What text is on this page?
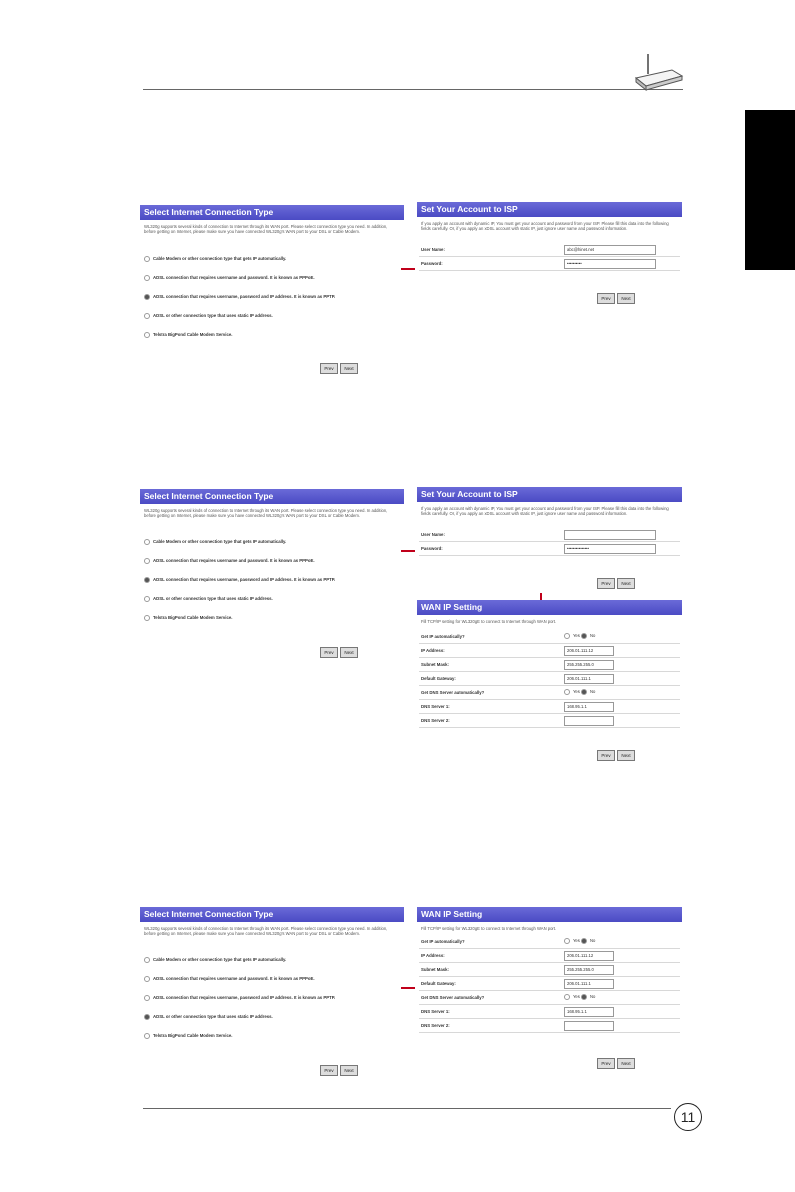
Select Internet Connection Type
WL320g supports several kinds of connection to Internet through its WAN port. Please select connection type you need. In addition, before getting on Internet, please make sure you have connected WL320g's WAN port to your DSL or Cable Modem.
Cable Modem or other connection type that gets IP automatically.
ADSL connection that requires username and password. It is known as PPPoE.
ADSL connection that requires username, password and IP address. It is known as PPTP.
ADSL or other connection type that uses static IP address.
Telstra BigPond Cable Modem Service.
Prev	Next
Set Your Account to ISP
If you apply an account with dynamic IP, You must get your account and password from your ISP. Please fill this data into the following fields carefully. Or, if you apply an xDSL account with static IP, just ignore user name and password information.
User Name:	abc@hinet.net
Password:	••••••••••
Prev	Next
Select Internet Connection Type
WL320g supports several kinds of connection to Internet through its WAN port. Please select connection type you need. In addition, before getting on Internet, please make sure you have connected WL320g's WAN port to your DSL or Cable Modem.
Cable Modem or other connection type that gets IP automatically.
ADSL connection that requires username and password. It is known as PPPoE.
ADSL connection that requires username, password and IP address. It is known as PPTP.
ADSL or other connection type that uses static IP address.
Telstra BigPond Cable Modem Service.
Prev	Next
Set Your Account to ISP
If you apply an account with dynamic IP, You must get your account and password from your ISP. Please fill this data into the following fields carefully. Or, if you apply an xDSL account with static IP, just ignore user name and password information.
User Name:
Password:	•••••••••••••••
Prev	Next
WAN IP Setting
Fill TCP/IP setting for WL320gE to connect to Internet through WAN port.
Get IP automatically?	Yes No
IP Address:	206.01.111.12
Subnet Mask:	255.255.255.0
Default Gateway:	206.01.111.1
Get DNS Server automatically?	Yes No
DNS Server 1:	168.95.1.1
DNS Server 2:
Prev	Next
Select Internet Connection Type
WL320g supports several kinds of connection to Internet through its WAN port. Please select connection type you need. In addition, before getting on Internet, please make sure you have connected WL320g's WAN port to your DSL or Cable Modem.
Cable Modem or other connection type that gets IP automatically.
ADSL connection that requires username and password. It is known as PPPoE.
ADSL connection that requires username, password and IP address. It is known as PPTP.
ADSL or other connection type that uses static IP address.
Telstra BigPond Cable Modem Service.
Prev	Next
WAN IP Setting
Fill TCP/IP setting for WL320gE to connect to Internet through WAN port.
Get IP automatically?	Yes No
IP Address:	206.01.111.12
Subnet Mask:	255.255.255.0
Default Gateway:	206.01.111.1
Get DNS Server automatically?	Yes No
DNS Server 1:	168.95.1.1
DNS Server 2:
Prev	Next
11
